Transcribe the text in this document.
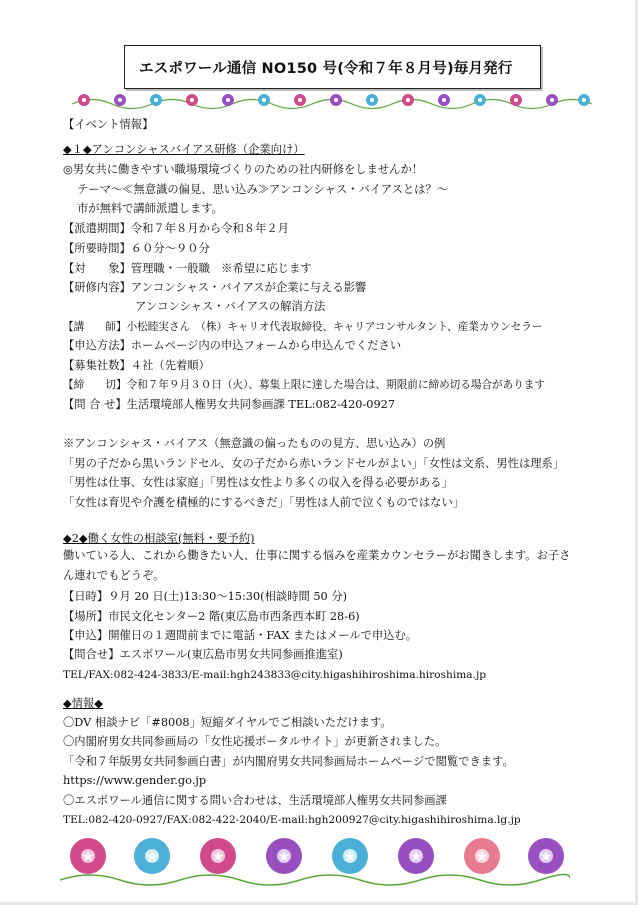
エスポワール通信 NO150 号(令和７年８月号)毎月発行
【イベント情報】
◆１◆アンコンシャスバイアス研修（企業向け）
◎男女共に働きやすい職場環境づくりのための社内研修をしませんか！
テーマ～≪無意識の偏見、思い込み≫アンコンシャス・バイアスとは？～
市が無料で講師派遣します。
【派遣期間】令和７年８月から令和８年２月
【所要時間】６０分～９０分
【対　　象】管理職・一般職　※希望に応じます
【研修内容】アンコンシャス・バイアスが企業に与える影響
アンコンシャス・バイアスの解消方法
【講　　師】小松睦実さん　（株）キャリオ代表取締役、キャリアコンサルタント、産業カウンセラー
【申込方法】ホームページ内の申込フォームから申込んでください
【募集社数】４社（先着順）
【締　　切】令和７年９月３０日（火）、募集上限に達した場合は、期限前に締め切る場合があります
【問 合 せ】生活環境部人権男女共同参画課 TEL:082-420-0927
※アンコンシャス・バイアス（無意識の偏ったものの見方、思い込み）の例
「男の子だから黒いランドセル、女の子だから赤いランドセルがよい」「女性は文系、男性は理系」
「男性は仕事、女性は家庭」「男性は女性より多くの収入を得る必要がある」
「女性は育児や介護を積極的にするべきだ」「男性は人前で泣くものではない」
◆2◆働く女性の相談室(無料・要予約)
働いている人、これから働きたい人、仕事に関する悩みを産業カウンセラーがお聞きします。お子さん連れでもどうぞ。
【日時】９月 20 日(土)13:30～15:30(相談時間 50 分)
【場所】市民文化センター2 階(東広島市西条西本町 28-6)
【申込】開催日の１週間前までに電話・FAX またはメールで申込む。
【問合せ】エスポワール(東広島市男女共同参画推進室)
TEL/FAX:082-424-3833/E-mail:hgh243833@city.higashihiroshima.hiroshima.jp
◆情報◆
〇DV 相談ナビ「#8008」短縮ダイヤルでご相談いただけます。
〇内閣府男女共同参画局の「女性応援ポータルサイト」が更新されました。
「令和７年版男女共同参画白書」が内閣府男女共同参画局ホームページで閲覧できます。
https://www.gender.go.jp
〇エスポワール通信に関する問い合わせは、生活環境部人権男女共同参画課
TEL:082-420-0927/FAX:082-422-2040/E-mail:hgh200927@city.higashihiroshima.lg.jp
★	★	★	★	★	★	★	★
